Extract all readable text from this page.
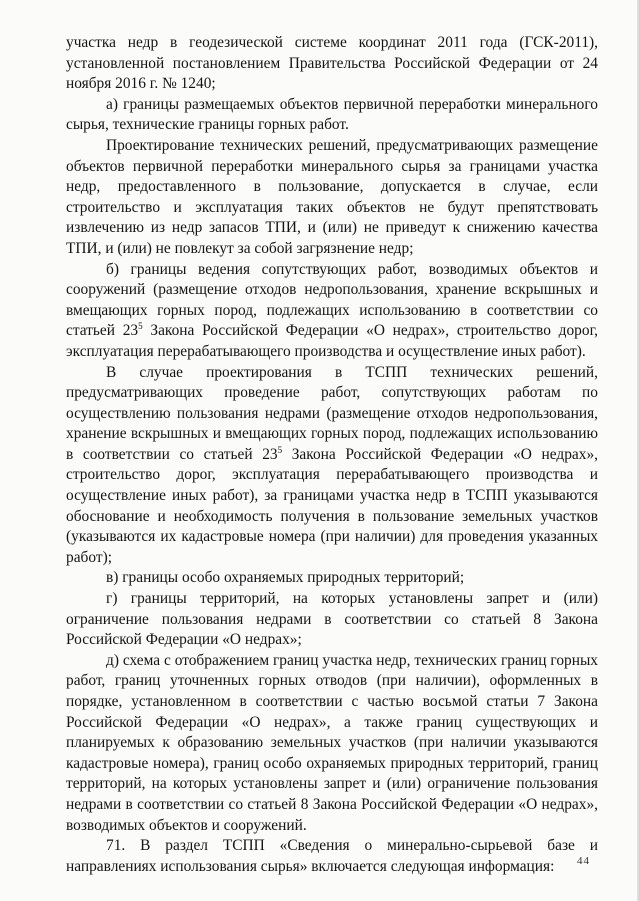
участка недр в геодезической системе координат 2011 года (ГСК-2011), установленной постановлением Правительства Российской Федерации от 24 ноября 2016 г. № 1240;

а) границы размещаемых объектов первичной переработки минерального сырья, технические границы горных работ.

Проектирование технических решений, предусматривающих размещение объектов первичной переработки минерального сырья за границами участка недр, предоставленного в пользование, допускается в случае, если строительство и эксплуатация таких объектов не будут препятствовать извлечению из недр запасов ТПИ, и (или) не приведут к снижению качества ТПИ, и (или) не повлекут за собой загрязнение недр;

б) границы ведения сопутствующих работ, возводимых объектов и сооружений (размещение отходов недропользования, хранение вскрышных и вмещающих горных пород, подлежащих использованию в соответствии со статьей $23^5$ Закона Российской Федерации «О недрах», строительство дорог, эксплуатация перерабатывающего производства и осуществление иных работ).

В случае проектирования в ТСПП технических решений, предусматривающих проведение работ, сопутствующих работам по осуществлению пользования недрами (размещение отходов недропользования, хранение вскрышных и вмещающих горных пород, подлежащих использованию в соответствии со статьей $23^5$ Закона Российской Федерации «О недрах», строительство дорог, эксплуатация перерабатывающего производства и осуществление иных работ), за границами участка недр в ТСПП указываются обоснование и необходимость получения в пользование земельных участков (указываются их кадастровые номера (при наличии) для проведения указанных работ);

в) границы особо охраняемых природных территорий;

г) границы территорий, на которых установлены запрет и (или) ограничение пользования недрами в соответствии со статьей 8 Закона Российской Федерации «О недрах»;

д) схема с отображением границ участка недр, технических границ горных работ, границ уточненных горных отводов (при наличии), оформленных в порядке, установленном в соответствии с частью восьмой статьи 7 Закона Российской Федерации «О недрах», а также границ существующих и планируемых к образованию земельных участков (при наличии указываются кадастровые номера), границ особо охраняемых природных территорий, границ территорий, на которых установлены запрет и (или) ограничение пользования недрами в соответствии со статьей 8 Закона Российской Федерации «О недрах», возводимых объектов и сооружений.

71. В раздел ТСПП «Сведения о минерально-сырьевой базе и направлениях использования сырья» включается следующая информация:	44
